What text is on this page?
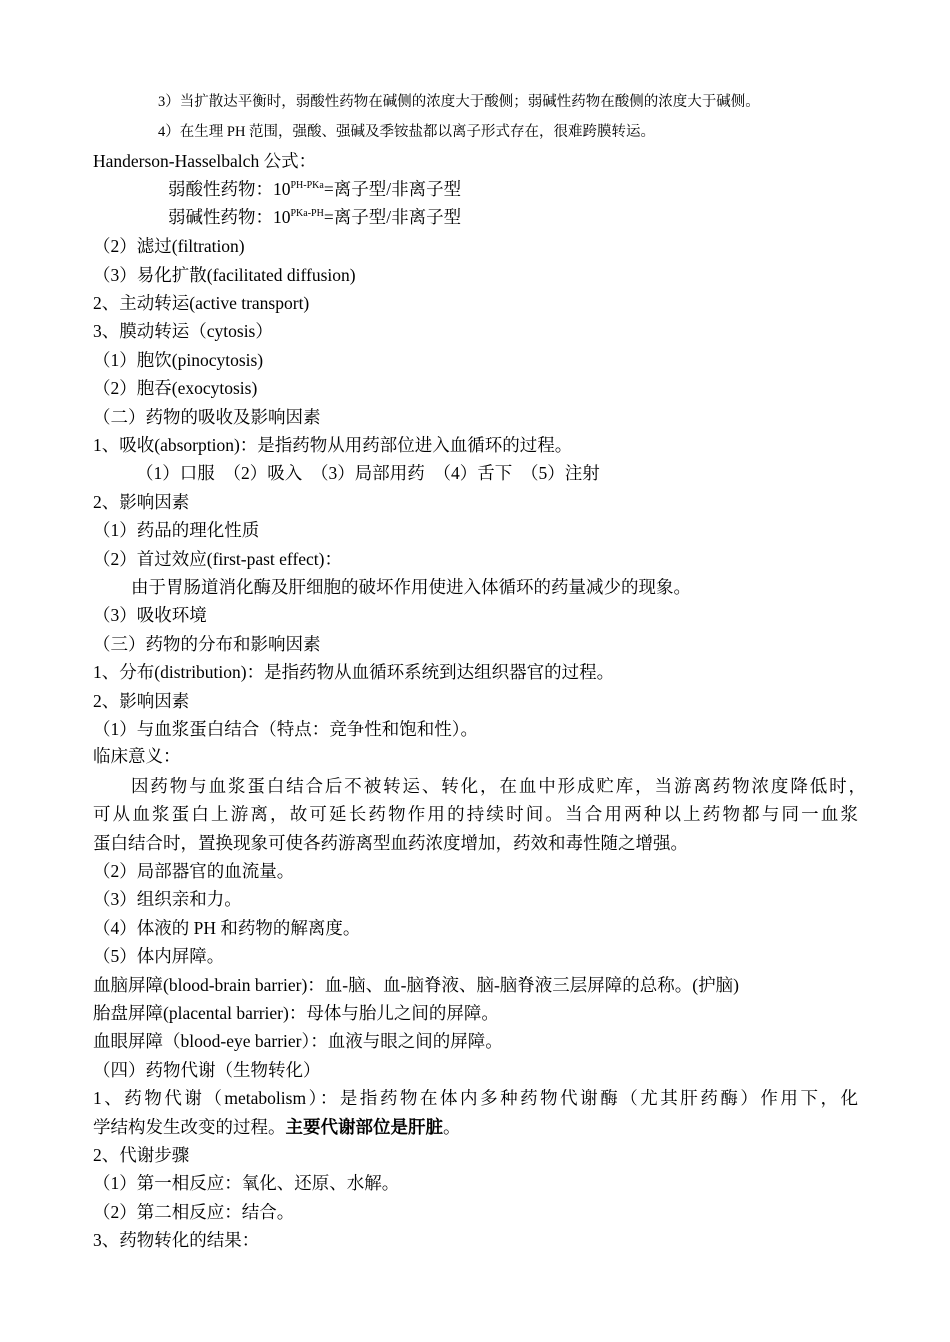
3）当扩散达平衡时，弱酸性药物在碱侧的浓度大于酸侧；弱碱性药物在酸侧的浓度大于碱侧。

4）在生理 PH 范围，强酸、强碱及季铵盐都以离子形式存在，很难跨膜转运。

Handerson-Hasselbalch 公式：

弱酸性药物：$10^{PH-PKa}=$离子型/非离子型

弱碱性药物：$10^{PKa-PH}=$离子型/非离子型

（2）滤过(filtration)

（3）易化扩散(facilitated diffusion)

2、主动转运(active transport)

3、膜动转运（cytosis）

（1）胞饮(pinocytosis)

（2）胞吞(exocytosis)

（二）药物的吸收及影响因素

1、吸收(absorption)：是指药物从用药部位进入血循环的过程。

（1）口服  （2）吸入  （3）局部用药  （4）舌下  （5）注射

2、影响因素

（1）药品的理化性质

（2）首过效应(first-past effect)：

由于胃肠道消化酶及肝细胞的破坏作用使进入体循环的药量减少的现象。

（3）吸收环境

（三）药物的分布和影响因素

1、分布(distribution)：是指药物从血循环系统到达组织器官的过程。

2、影响因素

（1）与血浆蛋白结合（特点：竞争性和饱和性）。

临床意义：

因药物与血浆蛋白结合后不被转运、转化，在血中形成贮库，当游离药物浓度降低时，

可从血浆蛋白上游离，故可延长药物作用的持续时间。当合用两种以上药物都与同一血浆

蛋白结合时，置换现象可使各药游离型血药浓度增加，药效和毒性随之增强。

（2）局部器官的血流量。

（3）组织亲和力。

（4）体液的 PH 和药物的解离度。

（5）体内屏障。

血脑屏障(blood-brain barrier)：血-脑、血-脑脊液、脑-脑脊液三层屏障的总称。(护脑)

胎盘屏障(placental barrier)：母体与胎儿之间的屏障。

血眼屏障（blood-eye barrier）：血液与眼之间的屏障。

（四）药物代谢（生物转化）

1、药物代谢（metabolism）：是指药物在体内多种药物代谢酶（尤其肝药酶）作用下，化

学结构发生改变的过程。主要代谢部位是肝脏。

2、代谢步骤

（1）第一相反应：氧化、还原、水解。

（2）第二相反应：结合。

3、药物转化的结果：
